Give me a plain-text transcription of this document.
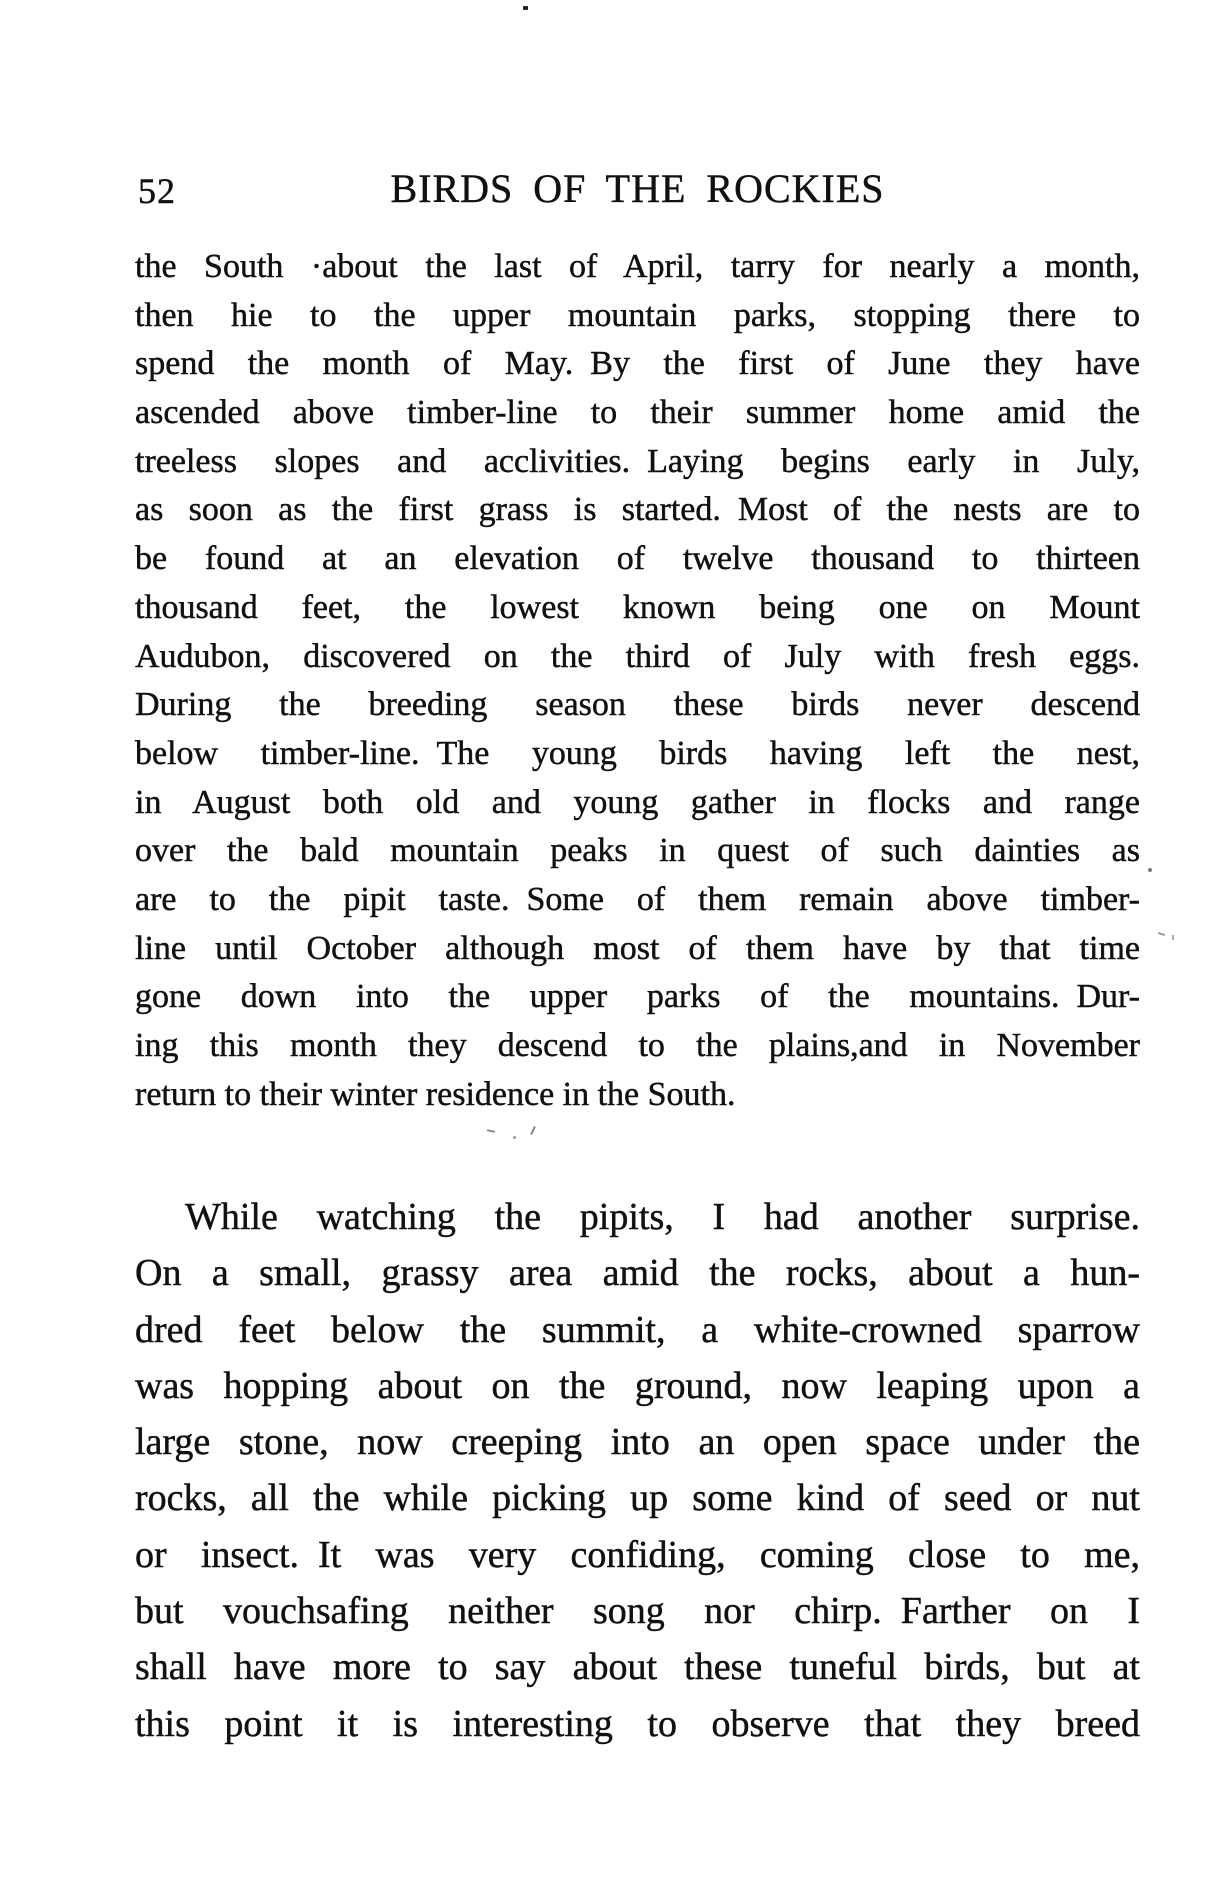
52	BIRDS OF THE ROCKIES
the South ·about the last of April, tarry for nearly a month,
then hie to the upper mountain parks, stopping there to
spend the month of May. By the first of June they have
ascended above timber-line to their summer home amid the
treeless slopes and acclivities. Laying begins early in July,
as soon as the first grass is started. Most of the nests are to
be found at an elevation of twelve thousand to thirteen
thousand feet, the lowest known being one on Mount
Audubon, discovered on the third of July with fresh eggs.
During the breeding season these birds never descend
below timber-line. The young birds having left the nest,
in August both old and young gather in flocks and range
over the bald mountain peaks in quest of such dainties as
are to the pipit taste. Some of them remain above timber-
line until October although most of them have by that time
gone down into the upper parks of the mountains. Dur-
ing this month they descend to the plains,and in November
return to their winter residence in the South.
While watching the pipits, I had another surprise.
On a small, grassy area amid the rocks, about a hun-
dred feet below the summit, a white-crowned sparrow
was hopping about on the ground, now leaping upon a
large stone, now creeping into an open space under the
rocks, all the while picking up some kind of seed or nut
or insect. It was very confiding, coming close to me,
but vouchsafing neither song nor chirp. Farther on I
shall have more to say about these tuneful birds, but at
this point it is interesting to observe that they breed
